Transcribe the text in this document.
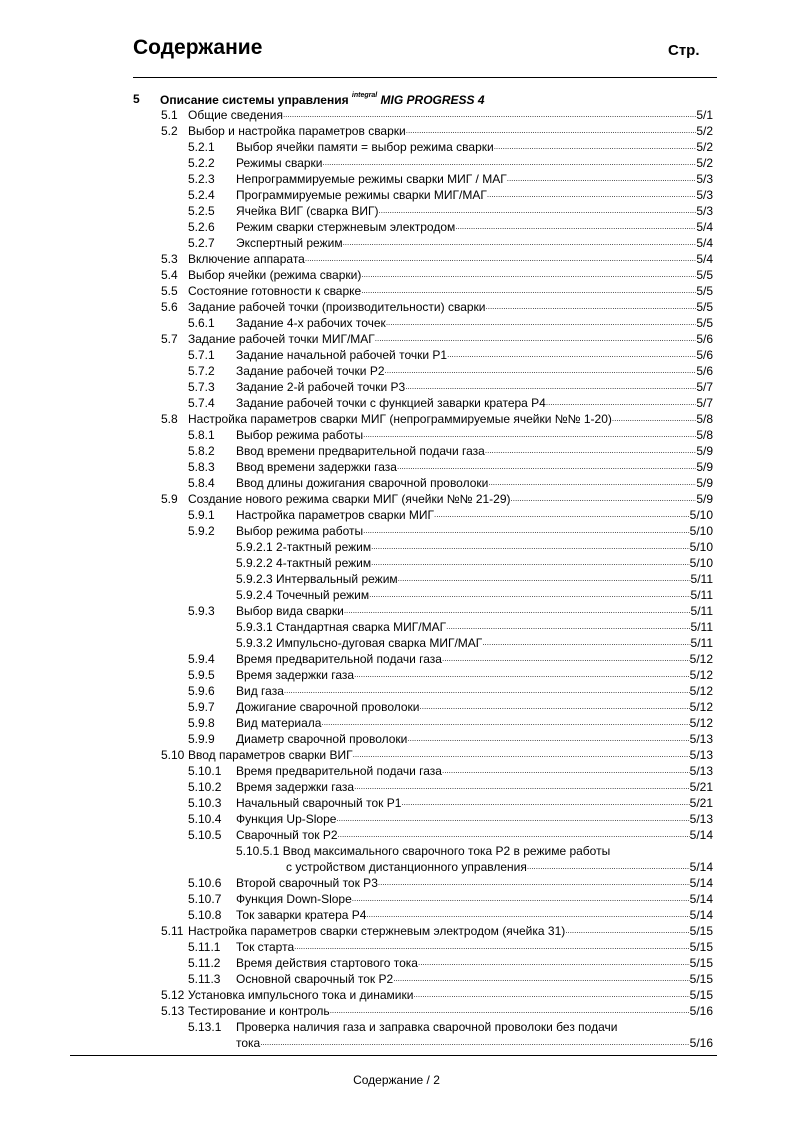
Содержание	Стр.
5 Описание системы управления $^{integral}$ MIG PROGRESS 4
5.1 Общие сведения .....	5/1
5.2 Выбор и настройка параметров сварки .....	5/2
5.2.1 Выбор ячейки памяти = выбор режима сварки .....	5/2
5.2.2 Режимы сварки .....	5/2
5.2.3 Непрограммируемые режимы сварки МИГ / МАГ .....	5/3
5.2.4 Программируемые режимы сварки МИГ/МАГ .....	5/3
5.2.5 Ячейка ВИГ (сварка ВИГ) .....	5/3
5.2.6 Режим сварки стержневым электродом .....	5/4
5.2.7 Экспертный режим .....	5/4
5.3 Включение аппарата .....	5/4
5.4 Выбор ячейки (режима сварки) .....	5/5
5.5 Состояние готовности к сварке .....	5/5
5.6 Задание рабочей точки (производительности) сварки .....	5/5
5.6.1 Задание 4-х рабочих точек .....	5/5
5.7 Задание рабочей точки МИГ/МАГ .....	5/6
5.7.1 Задание начальной рабочей точки P1 .....	5/6
5.7.2 Задание рабочей точки P2 .....	5/6
5.7.3 Задание 2-й рабочей точки P3 .....	5/7
5.7.4 Задание рабочей точки с функцией заварки кратера P4 .....	5/7
5.8 Настройка параметров сварки МИГ (непрограммируемые ячейки №№ 1-20) .....	5/8
5.8.1 Выбор режима работы .....	5/8
5.8.2 Ввод времени предварительной подачи газа .....	5/9
5.8.3 Ввод времени задержки газа .....	5/9
5.8.4 Ввод длины дожигания сварочной проволоки .....	5/9
5.9 Создание нового режима сварки МИГ (ячейки №№ 21-29) .....	5/9
5.9.1 Настройка параметров сварки МИГ .....	5/10
5.9.2 Выбор режима работы .....	5/10
5.9.2.1 2-тактный режим .....	5/10
5.9.2.2 4-тактный режим .....	5/10
5.9.2.3 Интервальный режим .....	5/11
5.9.2.4 Точечный режим .....	5/11
5.9.3 Выбор вида сварки .....	5/11
5.9.3.1 Стандартная сварка МИГ/МАГ .....	5/11
5.9.3.2 Импульсно-дуговая сварка МИГ/МАГ .....	5/11
5.9.4 Время предварительной подачи газа .....	5/12
5.9.5 Время задержки газа .....	5/12
5.9.6 Вид газа .....	5/12
5.9.7 Дожигание сварочной проволоки .....	5/12
5.9.8 Вид материала .....	5/12
5.9.9 Диаметр сварочной проволоки .....	5/13
5.10 Ввод параметров сварки ВИГ .....	5/13
5.10.1 Время предварительной подачи газа .....	5/13
5.10.2 Время задержки газа .....	5/21
5.10.3 Начальный сварочный ток P1 .....	5/21
5.10.4 Функция Up-Slope .....	5/13
5.10.5 Сварочный ток P2 .....	5/14
5.10.5.1 Ввод максимального сварочного тока P2 в режиме работы
с устройством дистанционного управления .....	5/14
5.10.6 Второй сварочный ток P3 .....	5/14
5.10.7 Функция Down-Slope .....	5/14
5.10.8 Ток заварки кратера P4 .....	5/14
5.11 Настройка параметров сварки стержневым электродом (ячейка 31) .....	5/15
5.11.1 Ток старта .....	5/15
5.11.2 Время действия стартового тока .....	5/15
5.11.3 Основной сварочный ток P2 .....	5/15
5.12 Установка импульсного тока и динамики .....	5/15
5.13 Тестирование и контроль .....	5/16
5.13.1 Проверка наличия газа и заправка сварочной проволоки без подачи
тока .....	5/16
Содержание / 2
